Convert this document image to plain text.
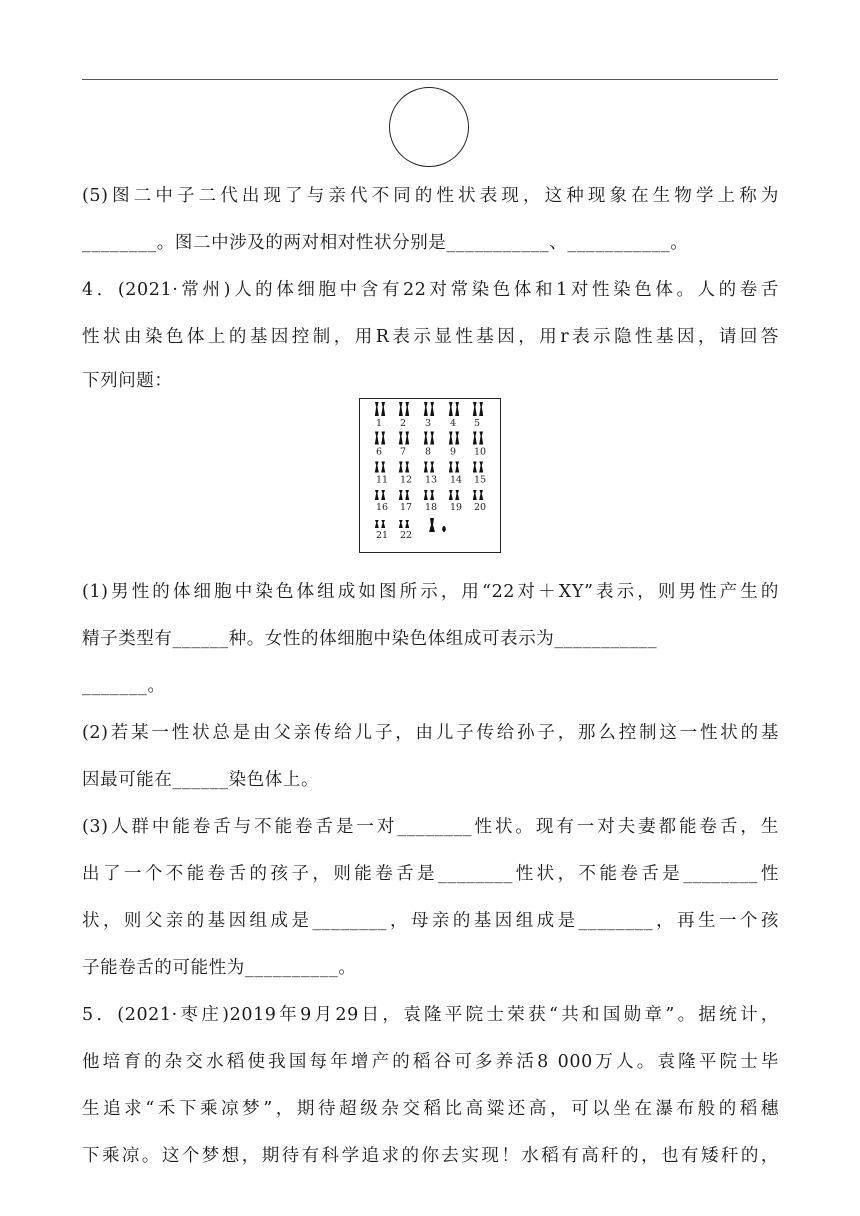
(5)图二中子二代出现了与亲代不同的性状表现，这种现象在生物学上称为
________。图二中涉及的两对相对性状分别是___________、___________。
4．(2021·常州)人的体细胞中含有22对常染色体和1对性染色体。人的卷舌
性状由染色体上的基因控制，用R表示显性基因，用r表示隐性基因，请回答
下列问题：
1 2 3 4 5
6 7 8 9 10
11 12 13 14 15
16 17 18 19 20
21 22
(1)男性的体细胞中染色体组成如图所示，用“22对＋XY”表示，则男性产生的
精子类型有______种。女性的体细胞中染色体组成可表示为___________
_______。
(2)若某一性状总是由父亲传给儿子，由儿子传给孙子，那么控制这一性状的基
因最可能在______染色体上。
(3)人群中能卷舌与不能卷舌是一对________性状。现有一对夫妻都能卷舌，生
出了一个不能卷舌的孩子，则能卷舌是________性状，不能卷舌是________性
状，则父亲的基因组成是________，母亲的基因组成是________，再生一个孩
子能卷舌的可能性为__________。
5．(2021·枣庄)2019年9月29日，袁隆平院士荣获“共和国勋章”。据统计，
他培育的杂交水稻使我国每年增产的稻谷可多养活8 000万人。袁隆平院士毕
生追求“禾下乘凉梦”，期待超级杂交稻比高粱还高，可以坐在瀑布般的稻穗
下乘凉。这个梦想，期待有科学追求的你去实现！水稻有高秆的，也有矮秆的，
